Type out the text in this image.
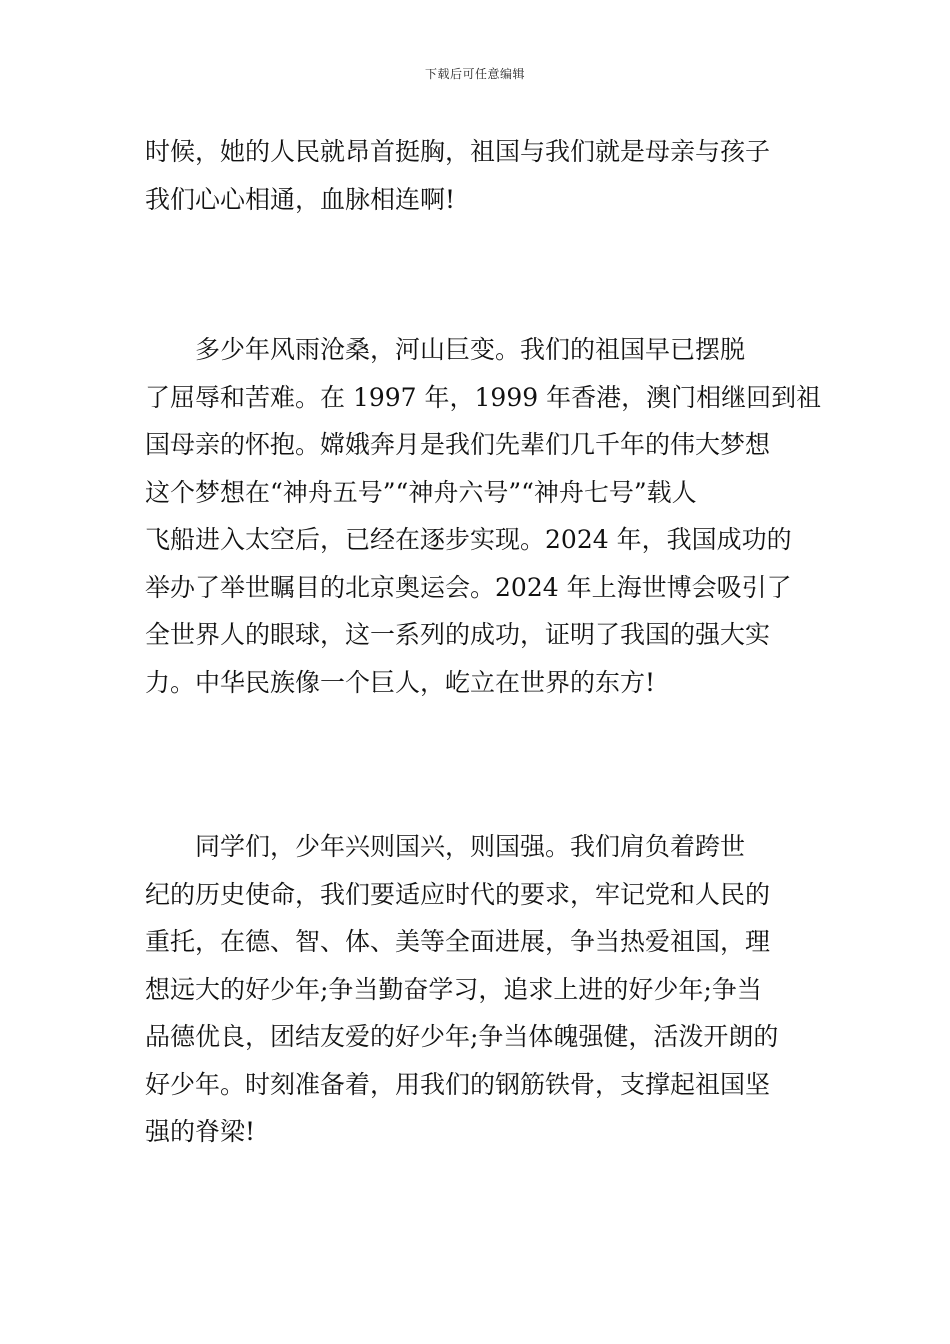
下载后可任意编辑
时候，她的人民就昂首挺胸，祖国与我们就是母亲与孩子
我们心心相通，血脉相连啊!
　　多少年风雨沧桑，河山巨变。我们的祖国早已摆脱
了屈辱和苦难。在 1997 年，1999 年香港，澳门相继回到祖
国母亲的怀抱。嫦娥奔月是我们先辈们几千年的伟大梦想
这个梦想在“神舟五号”“神舟六号”“神舟七号”载人
飞船进入太空后，已经在逐步实现。2024 年，我国成功的
举办了举世瞩目的北京奥运会。2024 年上海世博会吸引了
全世界人的眼球，这一系列的成功，证明了我国的强大实
力。中华民族像一个巨人，屹立在世界的东方!
　　同学们，少年兴则国兴，则国强。我们肩负着跨世
纪的历史使命，我们要适应时代的要求，牢记党和人民的
重托，在德、智、体、美等全面进展，争当热爱祖国，理
想远大的好少年;争当勤奋学习，追求上进的好少年;争当
品德优良，团结友爱的好少年;争当体魄强健，活泼开朗的
好少年。时刻准备着，用我们的钢筋铁骨，支撑起祖国坚
强的脊梁!
